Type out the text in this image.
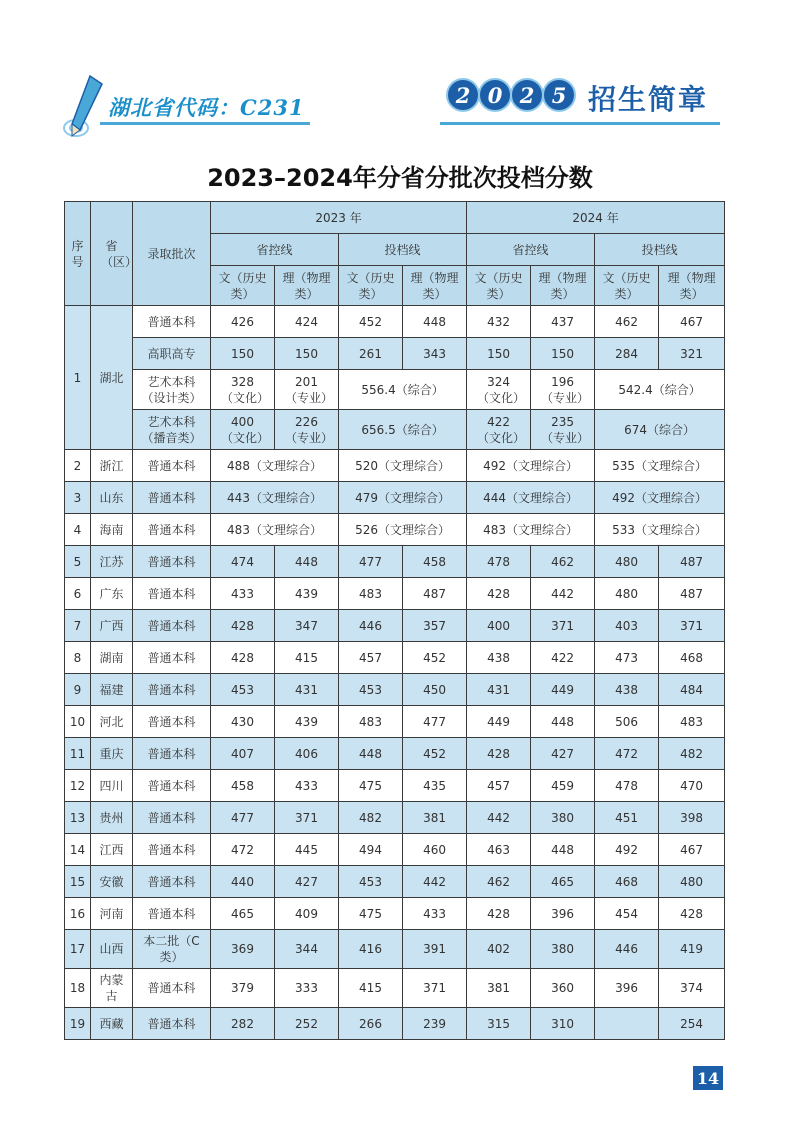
湖北省代码：C231	2 0 2 5 招生简章
2023–2024年分省分批次投档分数
序号	省（区）	录取批次	2023 年				2024 年			
			省控线		投档线		省控线		投档线	
			文（历史类）	理（物理类）	文（历史类）	理（物理类）	文（历史类）	理（物理类）	文（历史类）	理（物理类）
1	湖北	普通本科	426	424	452	448	432	437	462	467
		高职高专	150	150	261	343	150	150	284	321
		艺术本科（设计类）	328（文化）	201（专业）	556.4（综合）		324（文化）	196（专业）	542.4（综合）	
		艺术本科（播音类）	400（文化）	226（专业）	656.5（综合）		422（文化）	235（专业）	674（综合）	
2	浙江	普通本科	488（文理综合）		520（文理综合）		492（文理综合）		535（文理综合）	
3	山东	普通本科	443（文理综合）		479（文理综合）		444（文理综合）		492（文理综合）	
4	海南	普通本科	483（文理综合）		526（文理综合）		483（文理综合）		533（文理综合）	
5	江苏	普通本科	474	448	477	458	478	462	480	487
6	广东	普通本科	433	439	483	487	428	442	480	487
7	广西	普通本科	428	347	446	357	400	371	403	371
8	湖南	普通本科	428	415	457	452	438	422	473	468
9	福建	普通本科	453	431	453	450	431	449	438	484
10	河北	普通本科	430	439	483	477	449	448	506	483
11	重庆	普通本科	407	406	448	452	428	427	472	482
12	四川	普通本科	458	433	475	435	457	459	478	470
13	贵州	普通本科	477	371	482	381	442	380	451	398
14	江西	普通本科	472	445	494	460	463	448	492	467
15	安徽	普通本科	440	427	453	442	462	465	468	480
16	河南	普通本科	465	409	475	433	428	396	454	428
17	山西	本二批（C类）	369	344	416	391	402	380	446	419
18	内蒙古	普通本科	379	333	415	371	381	360	396	374
19	西藏	普通本科	282	252	266	239	315	310		254
14
